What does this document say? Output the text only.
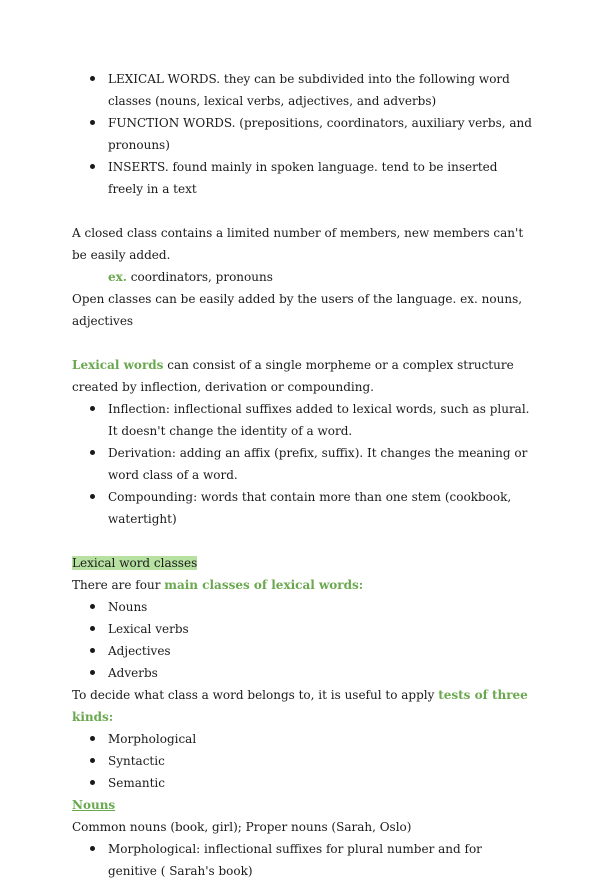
LEXICAL WORDS. they can be subdivided into the following word classes (nouns, lexical verbs, adjectives, and adverbs)
FUNCTION WORDS. (prepositions, coordinators, auxiliary verbs, and pronouns)
INSERTS. found mainly in spoken language. tend to be inserted freely in a text

A closed class contains a limited number of members, new members can't be easily added.

ex. coordinators, pronouns

Open classes can be easily added by the users of the language. ex. nouns, adjectives

Lexical words can consist of a single morpheme or a complex structure created by inflection, derivation or compounding.

Inflection: inflectional suffixes added to lexical words, such as plural. It doesn't change the identity of a word.
Derivation: adding an affix (prefix, suffix). It changes the meaning or word class of a word.
Compounding: words that contain more than one stem (cookbook, watertight)

Lexical word classes

There are four main classes of lexical words:

Nouns
Lexical verbs
Adjectives
Adverbs

To decide what class a word belongs to, it is useful to apply tests of three kinds:

Morphological
Syntactic
Semantic

Nouns

Common nouns (book, girl); Proper nouns (Sarah, Oslo)

Morphological: inflectional suffixes for plural number and for genitive ( Sarah's book)
